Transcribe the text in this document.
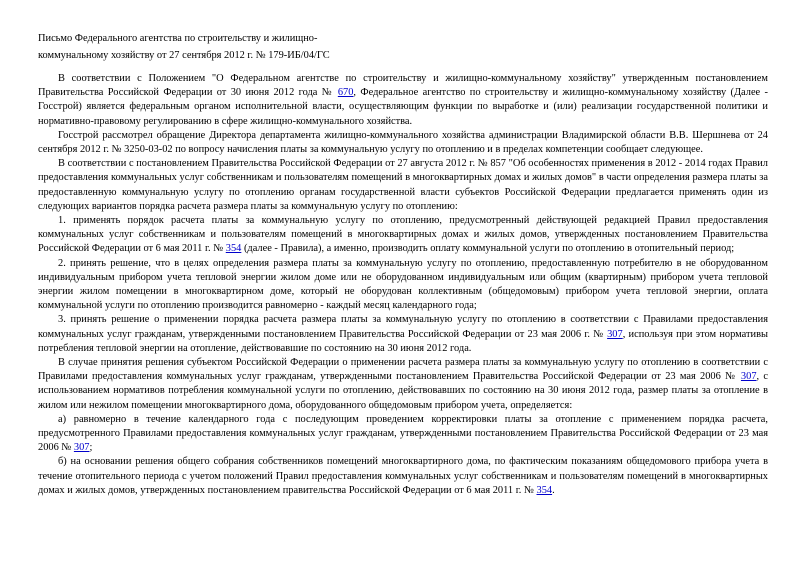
Письмо Федерального агентства по строительству и жилищно-
коммунальному хозяйству от 27 сентября 2012 г. № 179-ИБ/04/ГС

В соответствии с Положением "О Федеральном агентстве по строительству и жилищно-коммунальному хозяйству" утвержденным постановлением Правительства Российской Федерации от 30 июня 2012 года № 670, Федеральное агентство по строительству и жилищно-коммунальному хозяйству (Далее - Госстрой) является федеральным органом исполнительной власти, осуществляющим функции по выработке и (или) реализации государственной политики и нормативно-правовому регулированию в сфере жилищно-коммунального хозяйства.

Госстрой рассмотрел обращение Директора департамента жилищно-коммунального хозяйства администрации Владимирской области В.В. Шершнева от 24 сентября 2012 г. № 3250-03-02 по вопросу начисления платы за коммунальную услугу по отоплению и в пределах компетенции сообщает следующее.

В соответствии с постановлением Правительства Российской Федерации от 27 августа 2012 г. № 857 "Об особенностях применения в 2012 - 2014 годах Правил предоставления коммунальных услуг собственникам и пользователям помещений в многоквартирных домах и жилых домов" в части определения размера платы за предоставленную коммунальную услугу по отоплению органам государственной власти субъектов Российской Федерации предлагается применять один из следующих вариантов порядка расчета размера платы за коммунальную услугу по отоплению:

1. применять порядок расчета платы за коммунальную услугу по отоплению, предусмотренный действующей редакцией Правил предоставления коммунальных услуг собственникам и пользователям помещений в многоквартирных домах и жилых домов, утвержденных постановлением Правительства Российской Федерации от 6 мая 2011 г. № 354 (далее - Правила), а именно, производить оплату коммунальной услуги по отоплению в отопительный период;

2. принять решение, что в целях определения размера платы за коммунальную услугу по отоплению, предоставленную потребителю в не оборудованном индивидуальным прибором учета тепловой энергии жилом доме или не оборудованном индивидуальным или общим (квартирным) прибором учета тепловой энергии жилом помещении в многоквартирном доме, который не оборудован коллективным (общедомовым) прибором учета тепловой энергии, оплата коммунальной услуги по отоплению производится равномерно - каждый месяц календарного года;

3. принять решение о применении порядка расчета размера платы за коммунальную услугу по отоплению в соответствии с Правилами предоставления коммунальных услуг гражданам, утвержденными постановлением Правительства Российской Федерации от 23 мая 2006 г. № 307, используя при этом нормативы потребления тепловой энергии на отопление, действовавшие по состоянию на 30 июня 2012 года.

В случае принятия решения субъектом Российской Федерации о применении расчета размера платы за коммунальную услугу по отоплению в соответствии с Правилами предоставления коммунальных услуг гражданам, утвержденными постановлением Правительства Российской Федерации от 23 мая 2006 № 307, с использованием нормативов потребления коммунальной услуги по отоплению, действовавших по состоянию на 30 июня 2012 года, размер платы за отопление в жилом или нежилом помещении многоквартирного дома, оборудованного общедомовым прибором учета, определяется:

а) равномерно в течение календарного года с последующим проведением корректировки платы за отопление с применением порядка расчета, предусмотренного Правилами предоставления коммунальных услуг гражданам, утвержденными постановлением Правительства Российской Федерации от 23 мая 2006 № 307;

б) на основании решения общего собрания собственников помещений многоквартирного дома, по фактическим показаниям общедомового прибора учета в течение отопительного периода с учетом положений Правил предоставления коммунальных услуг собственникам и пользователям помещений в многоквартирных домах и жилых домов, утвержденных постановлением правительства Российской Федерации от 6 мая 2011 г. № 354.
